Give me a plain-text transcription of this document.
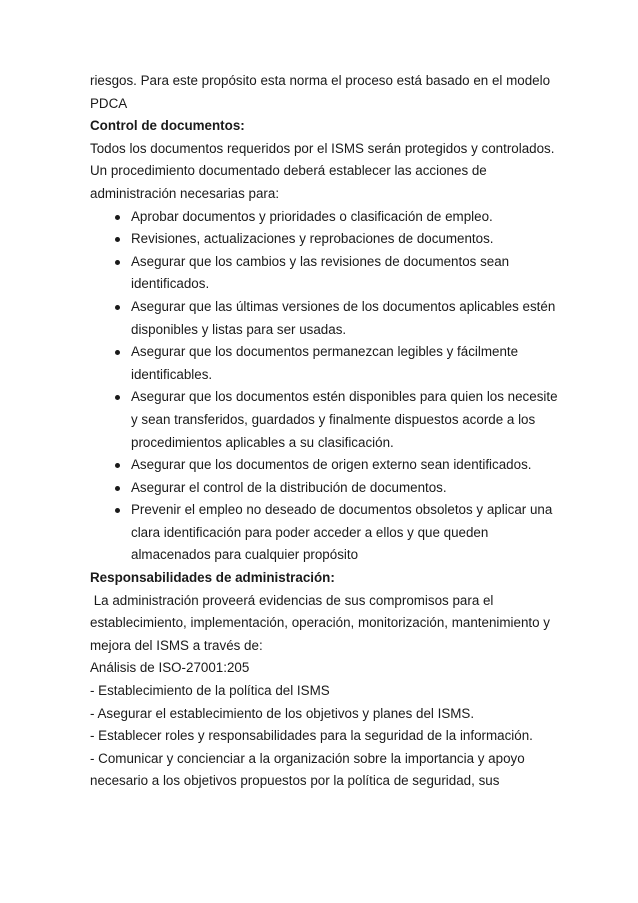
riesgos. Para este propósito esta norma el proceso está basado en el modelo

PDCA

Control de documentos:

Todos los documentos requeridos por el ISMS serán protegidos y controlados.

Un procedimiento documentado deberá establecer las acciones de

administración necesarias para:

Aprobar documentos y prioridades o clasificación de empleo.
Revisiones, actualizaciones y reprobaciones de documentos.
Asegurar que los cambios y las revisiones de documentos sean
identificados.
Asegurar que las últimas versiones de los documentos aplicables estén
disponibles y listas para ser usadas.
Asegurar que los documentos permanezcan legibles y fácilmente
identificables.
Asegurar que los documentos estén disponibles para quien los necesite
y sean transferidos, guardados y finalmente dispuestos acorde a los
procedimientos aplicables a su clasificación.
Asegurar que los documentos de origen externo sean identificados.
Asegurar el control de la distribución de documentos.
Prevenir el empleo no deseado de documentos obsoletos y aplicar una
clara identificación para poder acceder a ellos y que queden
almacenados para cualquier propósito

Responsabilidades de administración:

La administración proveerá evidencias de sus compromisos para el

establecimiento, implementación, operación, monitorización, mantenimiento y

mejora del ISMS a través de:

Análisis de ISO-27001:205

- Establecimiento de la política del ISMS

- Asegurar el establecimiento de los objetivos y planes del ISMS.

- Establecer roles y responsabilidades para la seguridad de la información.

- Comunicar y concienciar a la organización sobre la importancia y apoyo

necesario a los objetivos propuestos por la política de seguridad, sus
